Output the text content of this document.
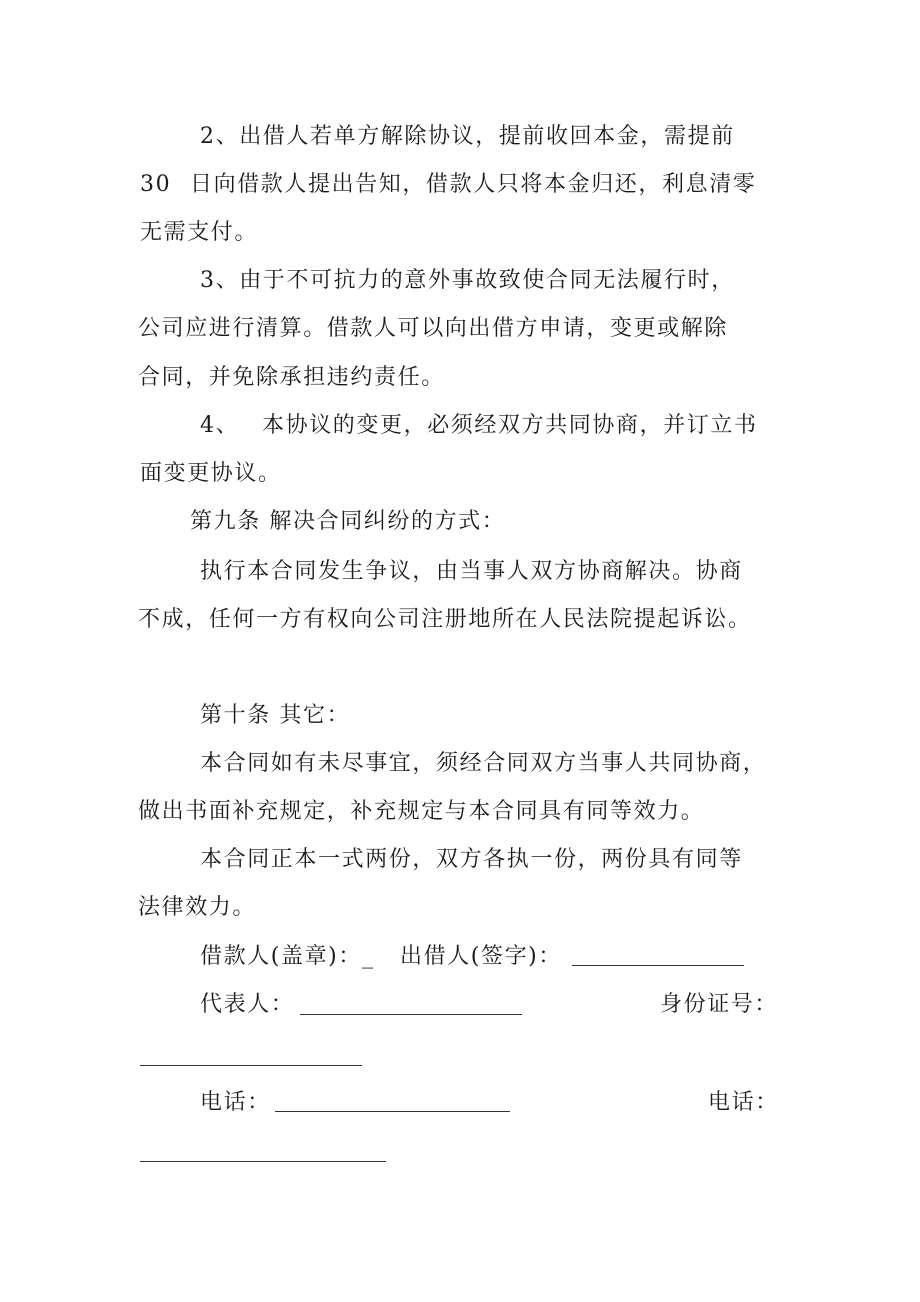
2、出借人若单方解除协议，提前收回本金，需提前
30 日向借款人提出告知，借款人只将本金归还，利息清零
无需支付。
3、由于不可抗力的意外事故致使合同无法履行时，
公司应进行清算。借款人可以向出借方申请，变更或解除
合同，并免除承担违约责任。
4、 本协议的变更，必须经双方共同协商，并订立书
面变更协议。
第九条 解决合同纠纷的方式：
执行本合同发生争议，由当事人双方协商解决。协商
不成，任何一方有权向公司注册地所在人民法院提起诉讼。
第十条 其它：
本合同如有未尽事宜，须经合同双方当事人共同协商，
做出书面补充规定，补充规定与本合同具有同等效力。
本合同正本一式两份，双方各执一份，两份具有同等
法律效力。
借款人(盖章)：_ 出借人(签字)：
代表人：	身份证号：
电话：	电话：
